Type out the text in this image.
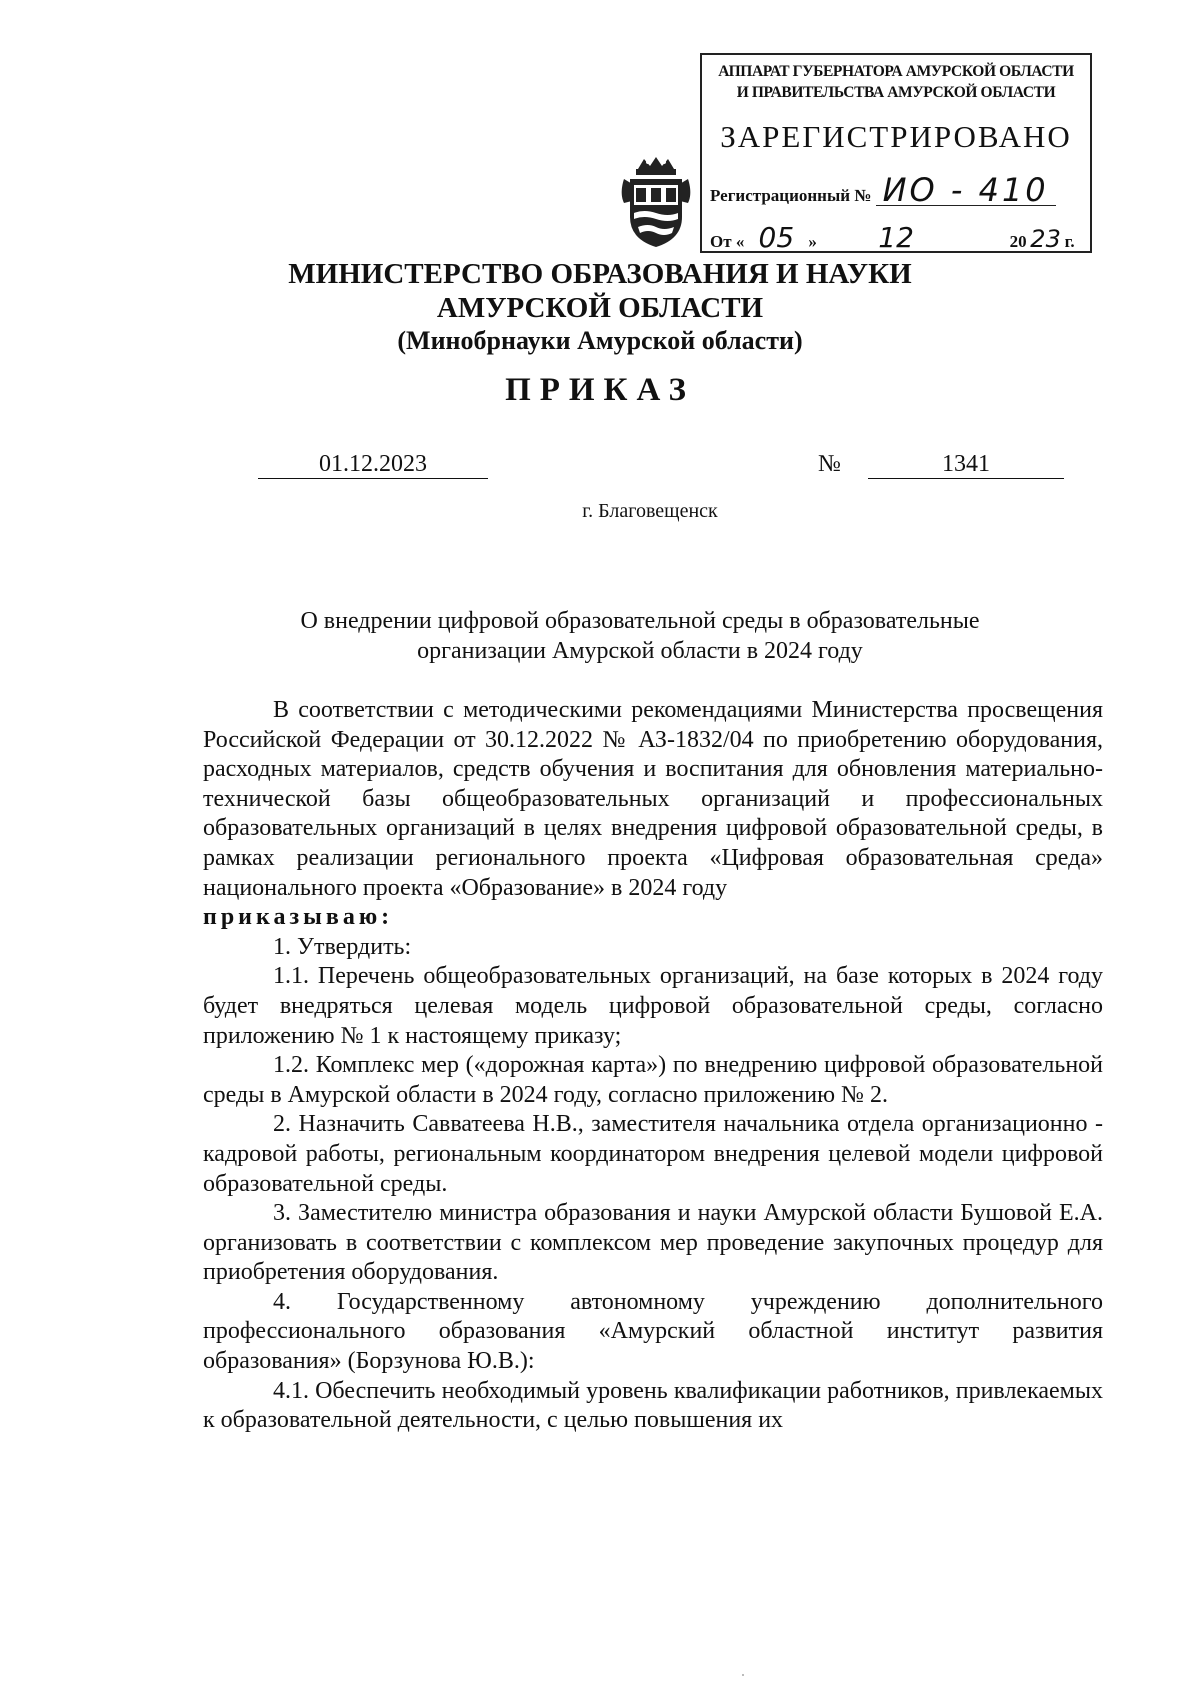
АППАРАТ ГУБЕРНАТОРА АМУРСКОЙ ОБЛАСТИ
И ПРАВИТЕЛЬСТВА АМУРСКОЙ ОБЛАСТИ
ЗАРЕГИСТРИРОВАНО
Регистрационный № ИО - 410
От « 05 » 12	20 23 г.
МИНИСТЕРСТВО ОБРАЗОВАНИЯ И НАУКИ
АМУРСКОЙ ОБЛАСТИ
(Минобрнауки Амурской области)
ПРИКАЗ
01.12.2023	№	1341
г. Благовещенск
О внедрении цифровой образовательной среды в образовательные
организации Амурской области в 2024 году

В соответствии с методическими рекомендациями Министерства просвещения Российской Федерации от 30.12.2022 № АЗ-1832/04 по приобретению оборудования, расходных материалов, средств обучения и воспитания для обновления материально-технической базы общеобразовательных организаций и профессиональных образовательных организаций в целях внедрения цифровой образовательной среды, в рамках реализации регионального проекта «Цифровая образовательная среда» национального проекта «Образование» в 2024 году

приказываю:

1. Утвердить:

1.1. Перечень общеобразовательных организаций, на базе которых в 2024 году будет внедряться целевая модель цифровой образовательной среды, согласно приложению № 1 к настоящему приказу;

1.2. Комплекс мер («дорожная карта») по внедрению цифровой образовательной среды в Амурской области в 2024 году, согласно приложению № 2.

2. Назначить Савватеева Н.В., заместителя начальника отдела организационно - кадровой работы, региональным координатором внедрения целевой модели цифровой образовательной среды.

3. Заместителю министра образования и науки Амурской области Бушовой Е.А. организовать в соответствии с комплексом мер проведение закупочных процедур для приобретения оборудования.

4. Государственному автономному учреждению дополнительного профессионального образования «Амурский областной институт развития образования» (Борзунова Ю.В.):

4.1. Обеспечить необходимый уровень квалификации работников, привлекаемых к образовательной деятельности, с целью повышения их
